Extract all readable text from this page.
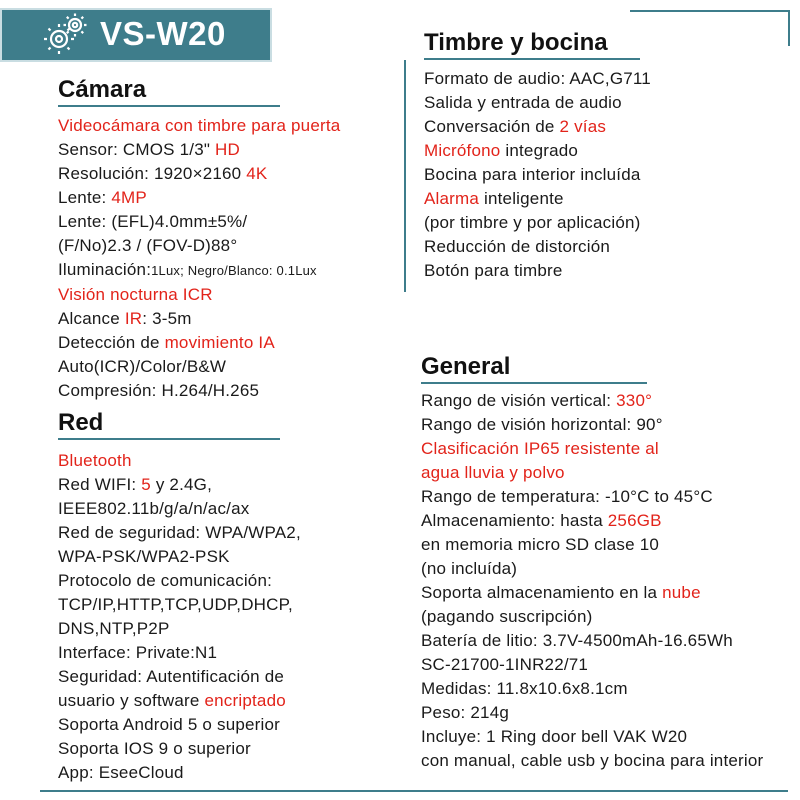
VS-W20
Cámara
Videocámara con timbre para puerta
Sensor: CMOS 1/3" HD
Resolución: 1920×2160 4K
Lente: 4MP
Lente: (EFL)4.0mm±5%/
(F/No)2.3 / (FOV-D)88°
Iluminación:1Lux; Negro/Blanco: 0.1Lux
Visión nocturna ICR
Alcance IR: 3-5m
Detección de movimiento IA
Auto(ICR)/Color/B&W
Compresión: H.264/H.265
Red
Bluetooth
Red WIFI: 5 y 2.4G,
IEEE802.11b/g/a/n/ac/ax
Red de seguridad: WPA/WPA2,
WPA-PSK/WPA2-PSK
Protocolo de comunicación:
TCP/IP,HTTP,TCP,UDP,DHCP,
DNS,NTP,P2P
Interface: Private:N1
Seguridad: Autentificación de
usuario y software encriptado
Soporta Android 5 o superior
Soporta IOS 9 o superior
App: EseeCloud
Timbre y bocina
Formato de audio: AAC,G711
Salida y entrada de audio
Conversación de 2 vías
Micrófono integrado
Bocina para interior incluída
Alarma inteligente
(por timbre y por aplicación)
Reducción de distorción
Botón para timbre
General
Rango de visión vertical: 330°
Rango de visión horizontal: 90°
Clasificación IP65 resistente al
agua lluvia y polvo
Rango de temperatura: -10°C to 45°C
Almacenamiento: hasta 256GB
en memoria micro SD clase 10
(no incluída)
Soporta almacenamiento en la nube
(pagando suscripción)
Batería de litio: 3.7V-4500mAh-16.65Wh
SC-21700-1INR22/71
Medidas: 11.8x10.6x8.1cm
Peso: 214g
Incluye: 1 Ring door bell VAK W20
con manual, cable usb y bocina para interior
